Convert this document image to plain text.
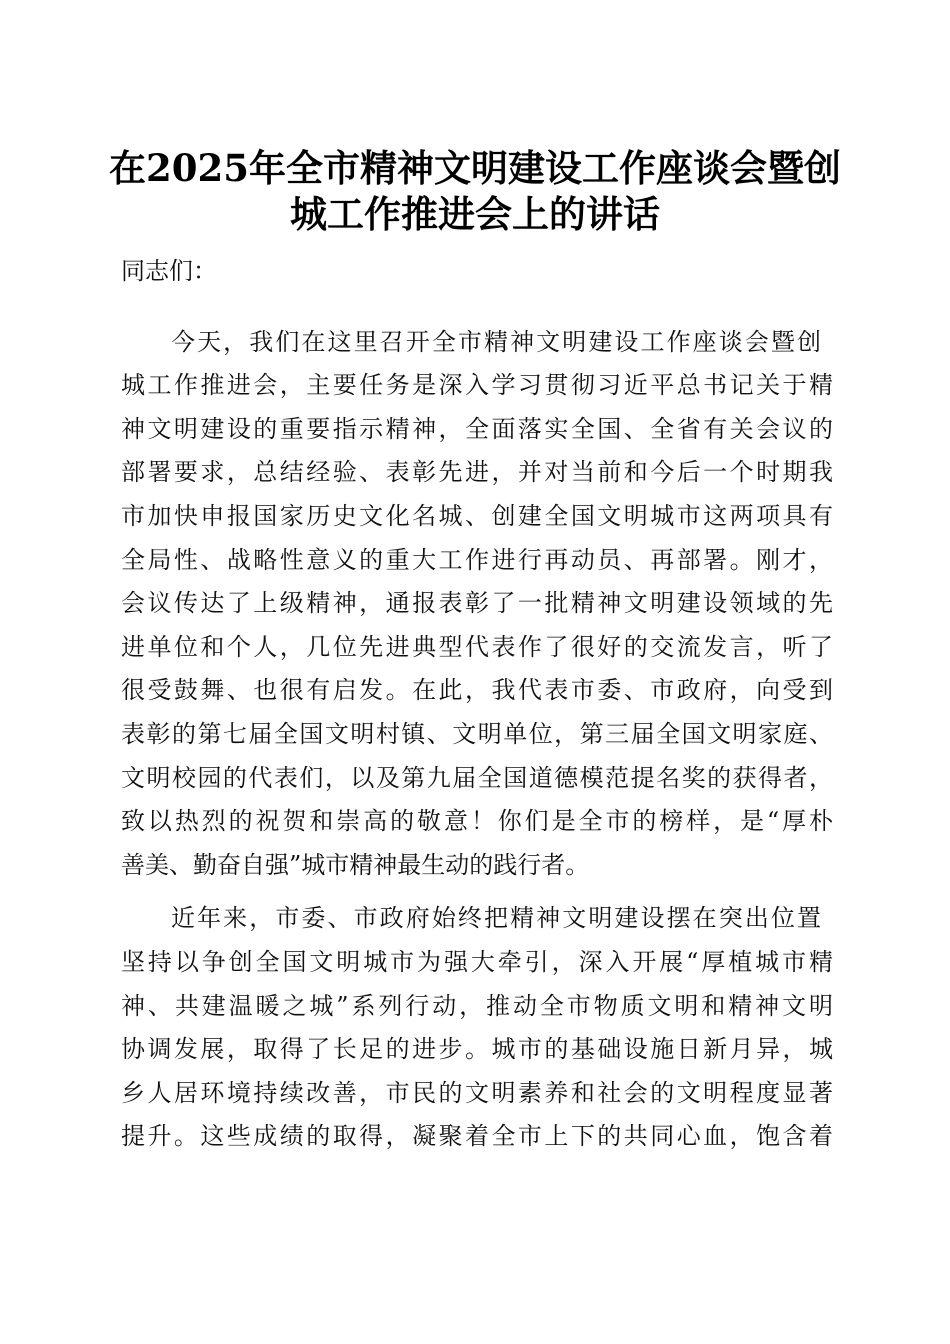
在2025年全市精神文明建设工作座谈会暨创
城工作推进会上的讲话

同志们：

今天，我们在这里召开全市精神文明建设工作座谈会暨创

城工作推进会，主要任务是深入学习贯彻习近平总书记关于精

神文明建设的重要指示精神，全面落实全国、全省有关会议的

部署要求，总结经验、表彰先进，并对当前和今后一个时期我

市加快申报国家历史文化名城、创建全国文明城市这两项具有

全局性、战略性意义的重大工作进行再动员、再部署。刚才，

会议传达了上级精神，通报表彰了一批精神文明建设领域的先

进单位和个人，几位先进典型代表作了很好的交流发言，听了

很受鼓舞、也很有启发。在此，我代表市委、市政府，向受到

表彰的第七届全国文明村镇、文明单位，第三届全国文明家庭、

文明校园的代表们，以及第九届全国道德模范提名奖的获得者，

致以热烈的祝贺和崇高的敬意！你们是全市的榜样，是“厚朴

善美、勤奋自强”城市精神最生动的践行者。

近年来，市委、市政府始终把精神文明建设摆在突出位置

坚持以争创全国文明城市为强大牵引，深入开展“厚植城市精

神、共建温暖之城”系列行动，推动全市物质文明和精神文明

协调发展，取得了长足的进步。城市的基础设施日新月异，城

乡人居环境持续改善，市民的文明素养和社会的文明程度显著

提升。这些成绩的取得，凝聚着全市上下的共同心血，饱含着
